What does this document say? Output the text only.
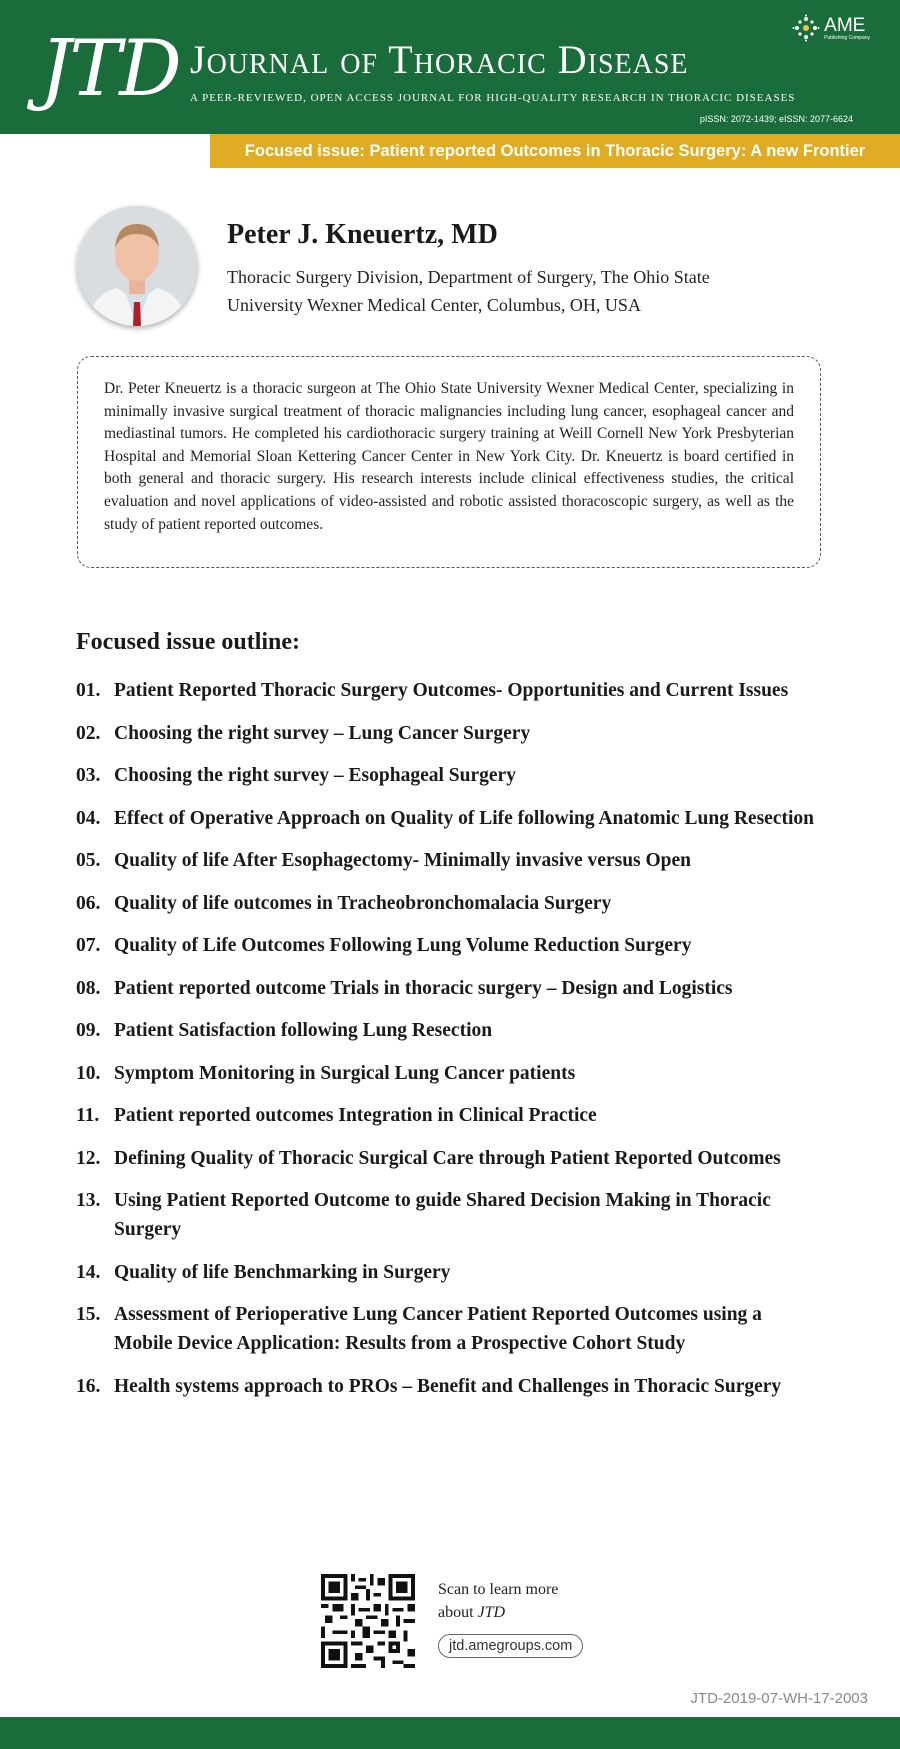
JTD Journal of Thoracic Disease
A PEER-REVIEWED, OPEN ACCESS JOURNAL FOR HIGH-QUALITY RESEARCH IN THORACIC DISEASES
pISSN: 2072-1439; eISSN: 2077-6624
AME
Publishing Company
Focused issue: Patient reported Outcomes in Thoracic Surgery: A new Frontier
Peter J. Kneuertz, MD
Thoracic Surgery Division, Department of Surgery, The Ohio State University Wexner Medical Center, Columbus, OH, USA
Dr. Peter Kneuertz is a thoracic surgeon at The Ohio State University Wexner Medical Center, specializing in minimally invasive surgical treatment of thoracic malignancies including lung cancer, esophageal cancer and mediastinal tumors. He completed his cardiothoracic surgery training at Weill Cornell New York Presbyterian Hospital and Memorial Sloan Kettering Cancer Center in New York City. Dr. Kneuertz is board certified in both general and thoracic surgery. His research interests include clinical effectiveness studies, the critical evaluation and novel applications of video-assisted and robotic assisted thoracoscopic surgery, as well as the study of patient reported outcomes.
Focused issue outline:
01. Patient Reported Thoracic Surgery Outcomes- Opportunities and Current Issues
02. Choosing the right survey – Lung Cancer Surgery
03. Choosing the right survey – Esophageal Surgery
04. Effect of Operative Approach on Quality of Life following Anatomic Lung Resection
05. Quality of life After Esophagectomy- Minimally invasive versus Open
06. Quality of life outcomes in Tracheobronchomalacia Surgery
07. Quality of Life Outcomes Following Lung Volume Reduction Surgery
08. Patient reported outcome Trials in thoracic surgery – Design and Logistics
09. Patient Satisfaction following Lung Resection
10. Symptom Monitoring in Surgical Lung Cancer patients
11. Patient reported outcomes Integration in Clinical Practice
12. Defining Quality of Thoracic Surgical Care through Patient Reported Outcomes
13. Using Patient Reported Outcome to guide Shared Decision Making in Thoracic Surgery
14. Quality of life Benchmarking in Surgery
15. Assessment of Perioperative Lung Cancer Patient Reported Outcomes using a Mobile Device Application: Results from a Prospective Cohort Study
16. Health systems approach to PROs – Benefit and Challenges in Thoracic Surgery
Scan to learn more
about JTD
jtd.amegroups.com
JTD-2019-07-WH-17-2003
